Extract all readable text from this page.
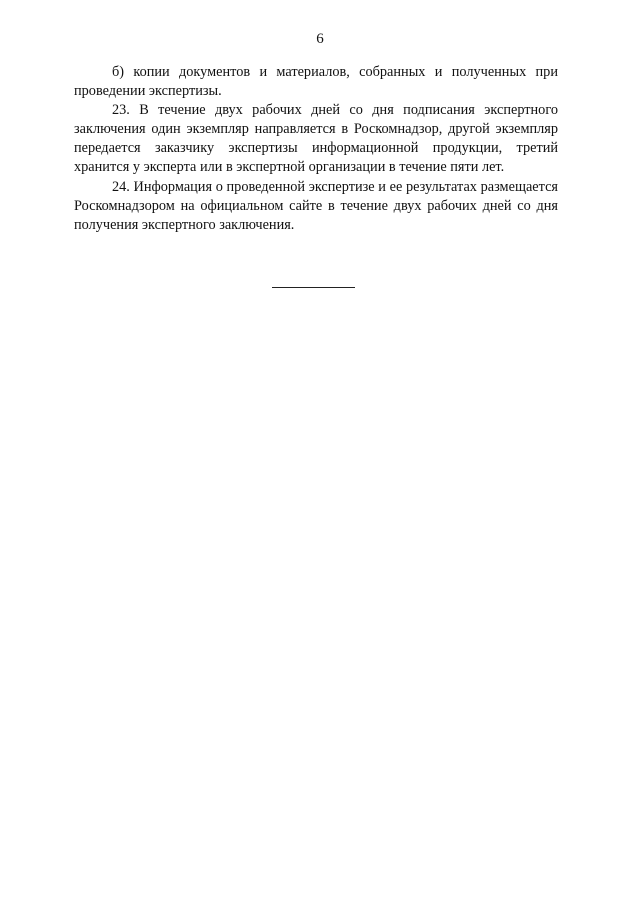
6

б) копии документов и материалов, собранных и полученных при проведении экспертизы.

23. В течение двух рабочих дней со дня подписания экспертного заключения один экземпляр направляется в Роскомнадзор, другой экземпляр передается заказчику экспертизы информационной продукции, третий хранится у эксперта или в экспертной организации в течение пяти лет.

24. Информация о проведенной экспертизе и ее результатах размещается Роскомнадзором на официальном сайте в течение двух рабочих дней со дня получения экспертного заключения.
